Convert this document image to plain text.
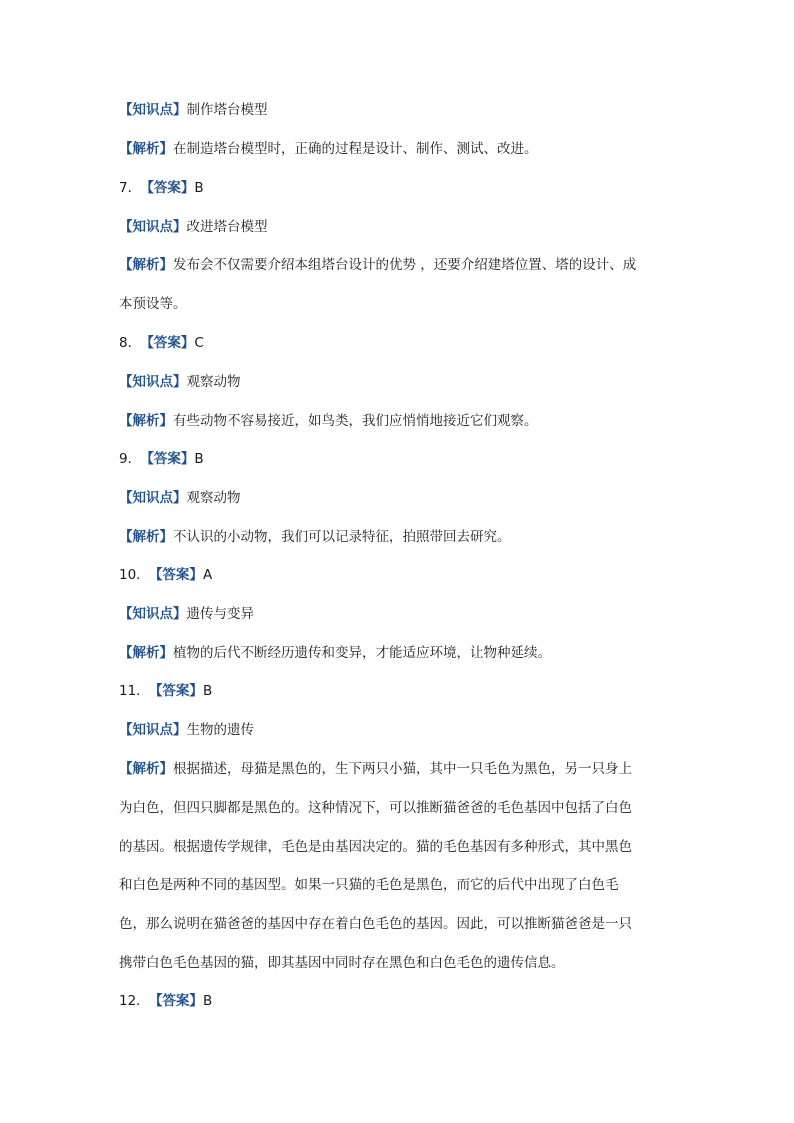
【知识点】制作塔台模型
【解析】在制造塔台模型时，正确的过程是设计、制作、测试、改进。
7． 【答案】B
【知识点】改进塔台模型
【解析】发布会不仅需要介绍本组塔台设计的优势 ，还要介绍建塔位置、塔的设计、成
本预设等。
8． 【答案】C
【知识点】观察动物
【解析】有些动物不容易接近，如鸟类，我们应悄悄地接近它们观察。
9． 【答案】B
【知识点】观察动物
【解析】不认识的小动物，我们可以记录特征，拍照带回去研究。
10． 【答案】A
【知识点】遗传与变异
【解析】植物的后代不断经历遗传和变异，才能适应环境，让物种延续。
11． 【答案】B
【知识点】生物的遗传
【解析】根据描述，母猫是黑色的，生下两只小猫，其中一只毛色为黑色，另一只身上
为白色，但四只脚都是黑色的。这种情况下，可以推断猫爸爸的毛色基因中包括了白色
的基因。根据遗传学规律，毛色是由基因决定的。猫的毛色基因有多种形式，其中黑色
和白色是两种不同的基因型。如果一只猫的毛色是黑色，而它的后代中出现了白色毛
色，那么说明在猫爸爸的基因中存在着白色毛色的基因。因此，可以推断猫爸爸是一只
携带白色毛色基因的猫，即其基因中同时存在黑色和白色毛色的遗传信息。
12． 【答案】B
